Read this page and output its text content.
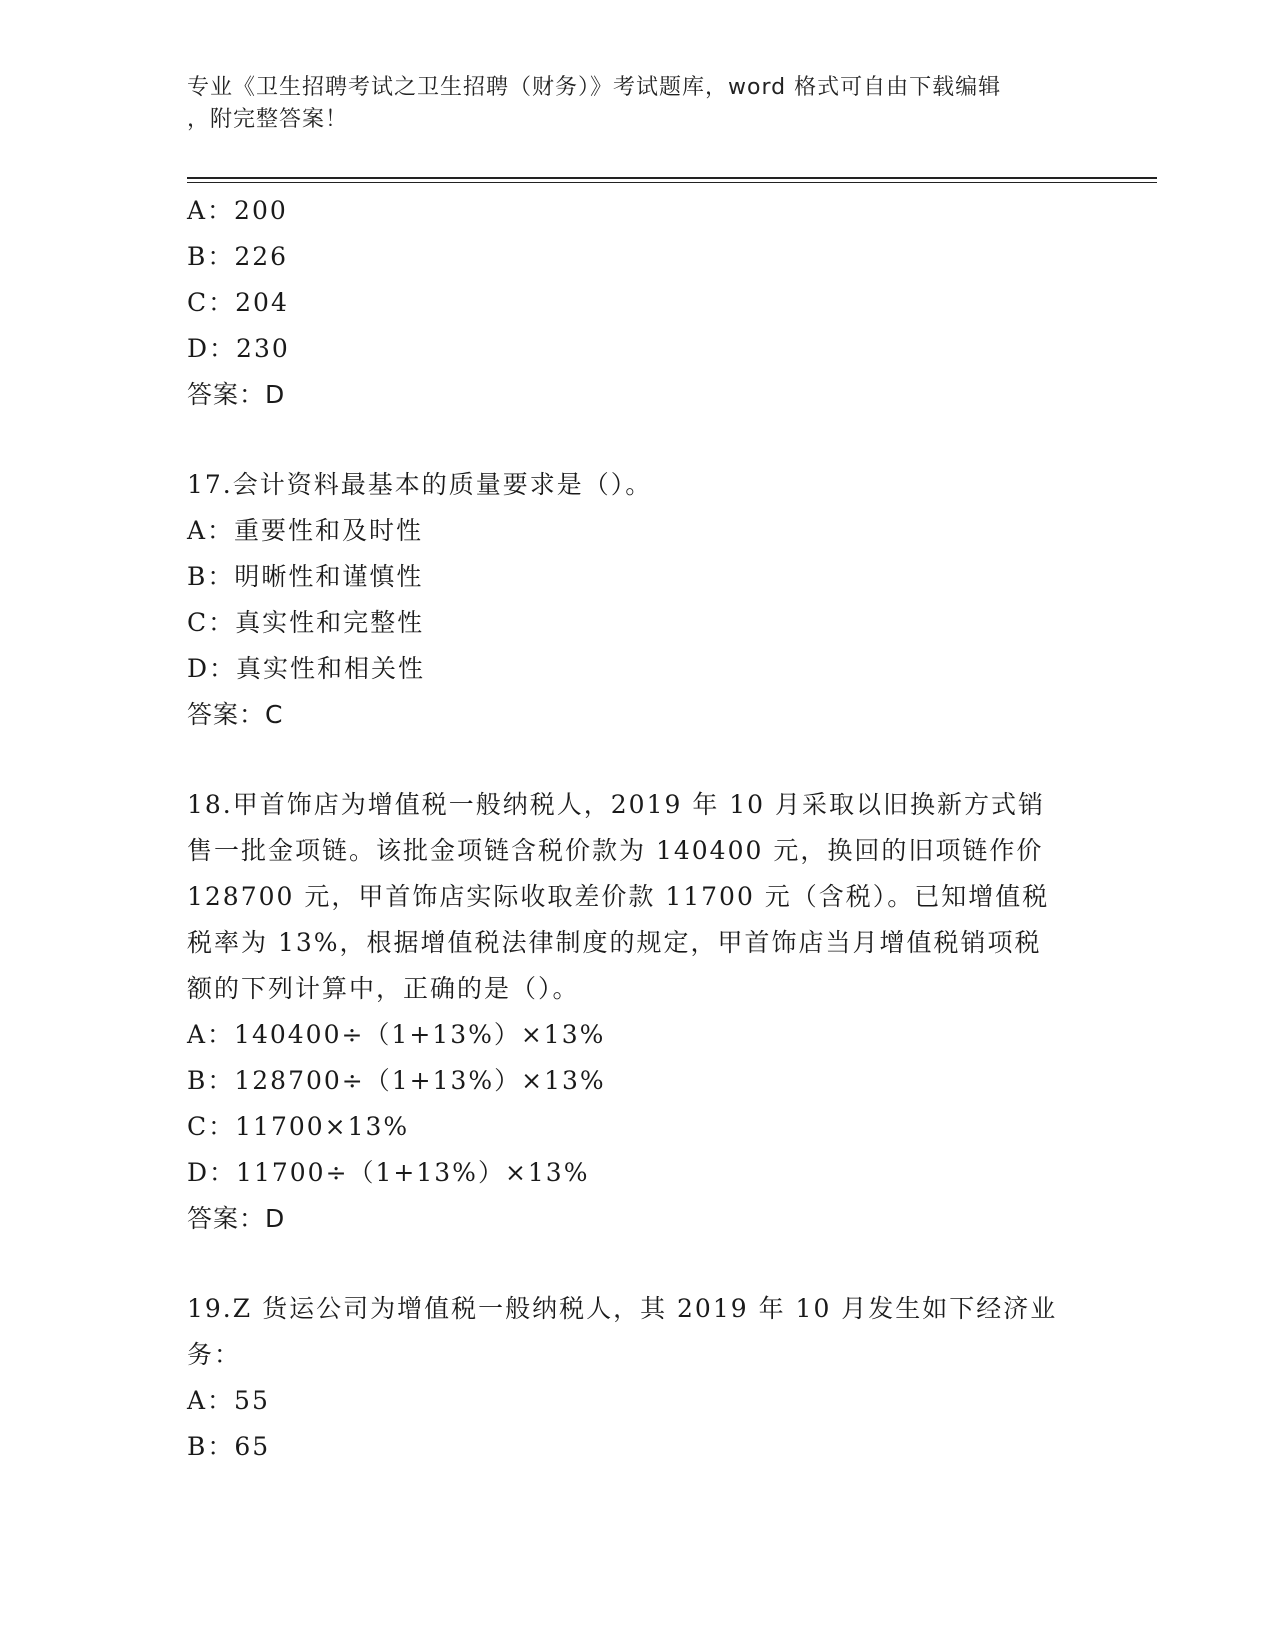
专业《卫生招聘考试之卫生招聘（财务）》考试题库，word 格式可自由下载编辑
，附完整答案！
A：200
B：226
C：204
D：230
答案：D
17.会计资料最基本的质量要求是（）。
A：重要性和及时性
B：明晰性和谨慎性
C：真实性和完整性
D：真实性和相关性
答案：C
18.甲首饰店为增值税一般纳税人，2019 年 10 月采取以旧换新方式销
售一批金项链。该批金项链含税价款为 140400 元，换回的旧项链作价
128700 元，甲首饰店实际收取差价款 11700 元（含税）。已知增值税
税率为 13%，根据增值税法律制度的规定，甲首饰店当月增值税销项税
额的下列计算中，正确的是（）。
A：140400÷（1+13%）×13%
B：128700÷（1+13%）×13%
C：11700×13%
D：11700÷（1+13%）×13%
答案：D
19.Z 货运公司为增值税一般纳税人，其 2019 年 10 月发生如下经济业
务：
A：55
B：65
